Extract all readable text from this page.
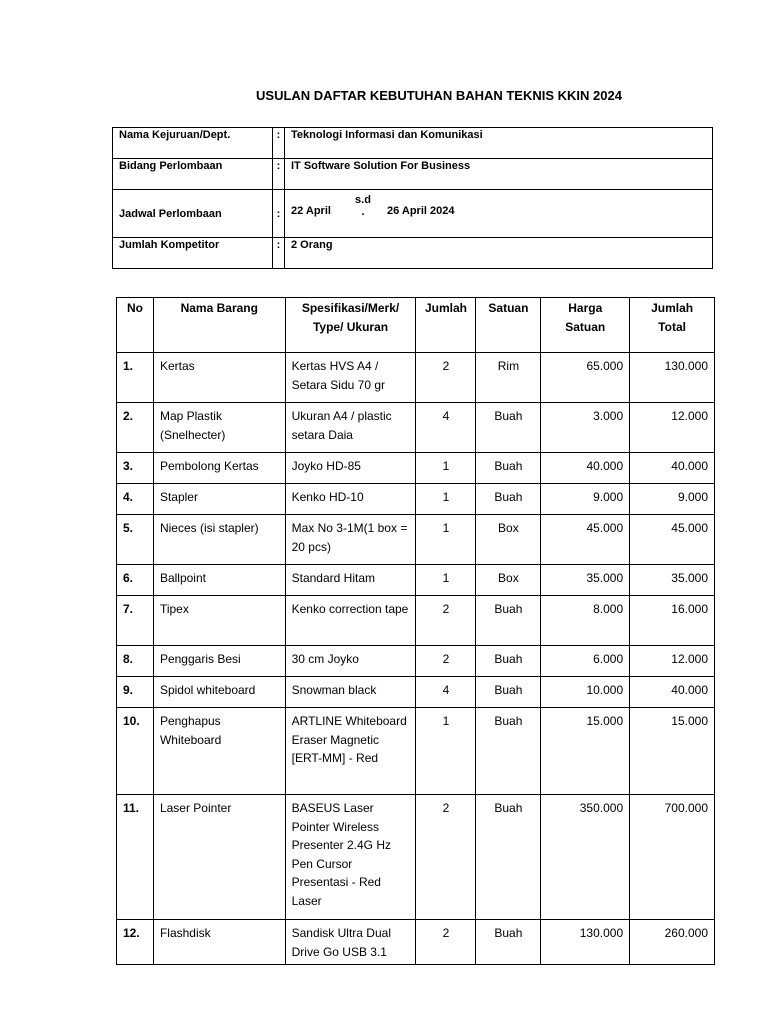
USULAN DAFTAR KEBUTUHAN BAHAN TEKNIS KKIN 2024
Nama Kejuruan/Dept.	:	Teknologi Informasi dan Komunikasi
Bidang Perlombaan	:	IT Software Solution For Business
Jadwal Perlombaan	:	22 April
s.d
. 26 April 2024

Jumlah Kompetitor	:	2 Orang
No	Nama Barang	Spesifikasi/Merk/ Type/ Ukuran	Jumlah	Satuan	Harga Satuan	Jumlah Total
1.	Kertas	Kertas HVS A4 / Setara Sidu 70 gr	2	Rim	65.000	130.000
2.	Map Plastik (Snelhecter)	Ukuran A4 / plastic setara Daia	4	Buah	3.000	12.000
3.	Pembolong Kertas	Joyko HD-85	1	Buah	40.000	40.000
4.	Stapler	Kenko HD-10	1	Buah	9.000	9.000
5.	Nieces (isi stapler)	Max No 3-1M(1 box = 20 pcs)	1	Box	45.000	45.000
6.	Ballpoint	Standard Hitam	1	Box	35.000	35.000
7.	Tipex	Kenko correction tape	2	Buah	8.000	16.000
8.	Penggaris Besi	30 cm Joyko	2	Buah	6.000	12.000
9.	Spidol whiteboard	Snowman black	4	Buah	10.000	40.000
10.	Penghapus Whiteboard	ARTLINE Whiteboard Eraser Magnetic [ERT-MM] - Red	1	Buah	15.000	15.000
11.	Laser Pointer	BASEUS Laser Pointer Wireless Presenter 2.4G Hz Pen Cursor Presentasi - Red Laser	2	Buah	350.000	700.000
12.	Flashdisk	Sandisk Ultra Dual Drive Go USB 3.1	2	Buah	130.000	260.000
